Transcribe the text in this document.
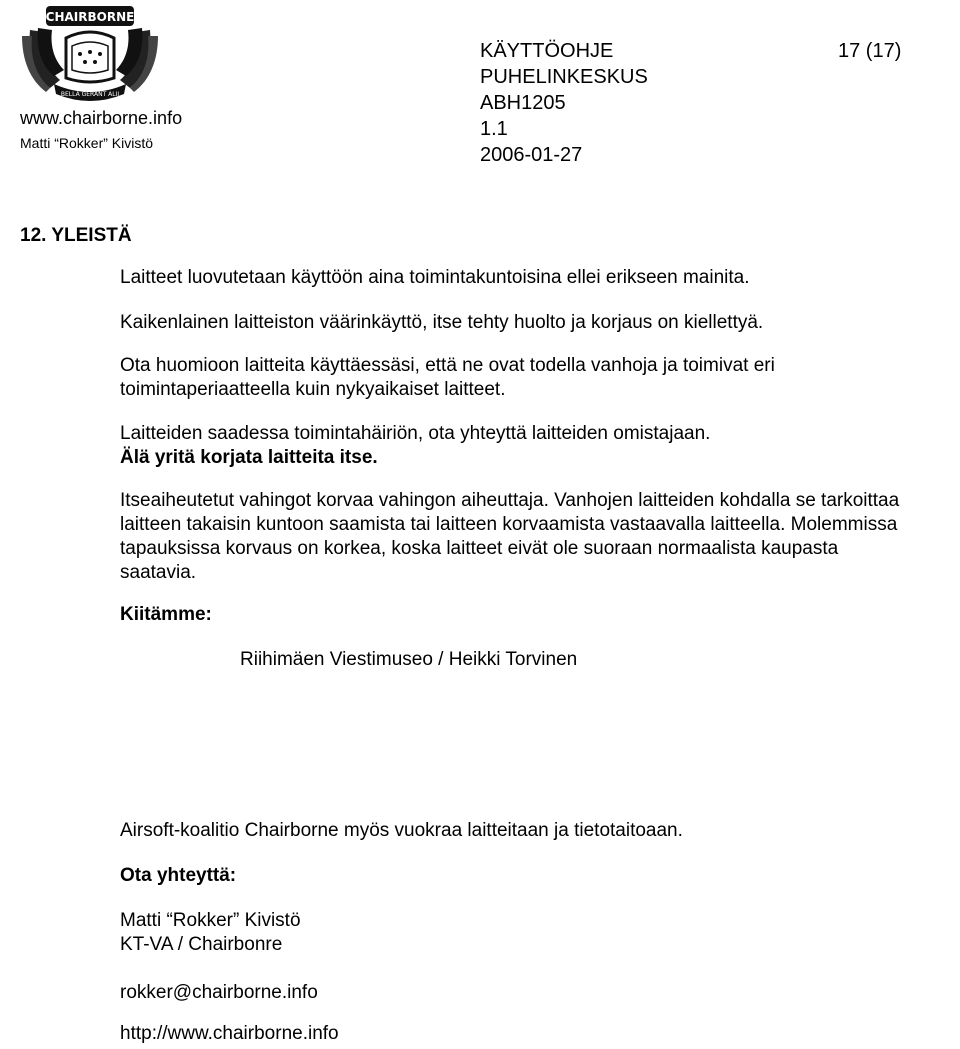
CHAIRBORNE
BELLA GERANT ALII
www.chairborne.info
Matti “Rokker” Kivistö
KÄYTTÖOHJE
PUHELINKESKUS
ABH1205
1.1
2006-01-27
17 (17)
12. YLEISTÄ

Laitteet luovutetaan käyttöön aina toimintakuntoisina ellei erikseen mainita.

Kaikenlainen laitteiston väärinkäyttö, itse tehty huolto ja korjaus on kiellettyä.

Ota huomioon laitteita käyttäessäsi, että ne ovat todella vanhoja ja toimivat eri

toimintaperiaatteella kuin nykyaikaiset laitteet.

Laitteiden saadessa toimintahäiriön, ota yhteyttä laitteiden omistajaan.

Älä yritä korjata laitteita itse.

Itseaiheutetut vahingot korvaa vahingon aiheuttaja. Vanhojen laitteiden kohdalla se tarkoittaa

laitteen takaisin kuntoon saamista tai laitteen korvaamista vastaavalla laitteella. Molemmissa

tapauksissa korvaus on korkea, koska laitteet eivät ole suoraan normaalista kaupasta

saatavia.

Kiitämme:
Riihimäen Viestimuseo / Heikki Torvinen
Airsoft-koalitio Chairborne myös vuokraa laitteitaan ja tietotaitoaan.
Ota yhteyttä:

Matti “Rokker” Kivistö

KT-VA / Chairbonre

rokker@chairborne.info
http://www.chairborne.info
